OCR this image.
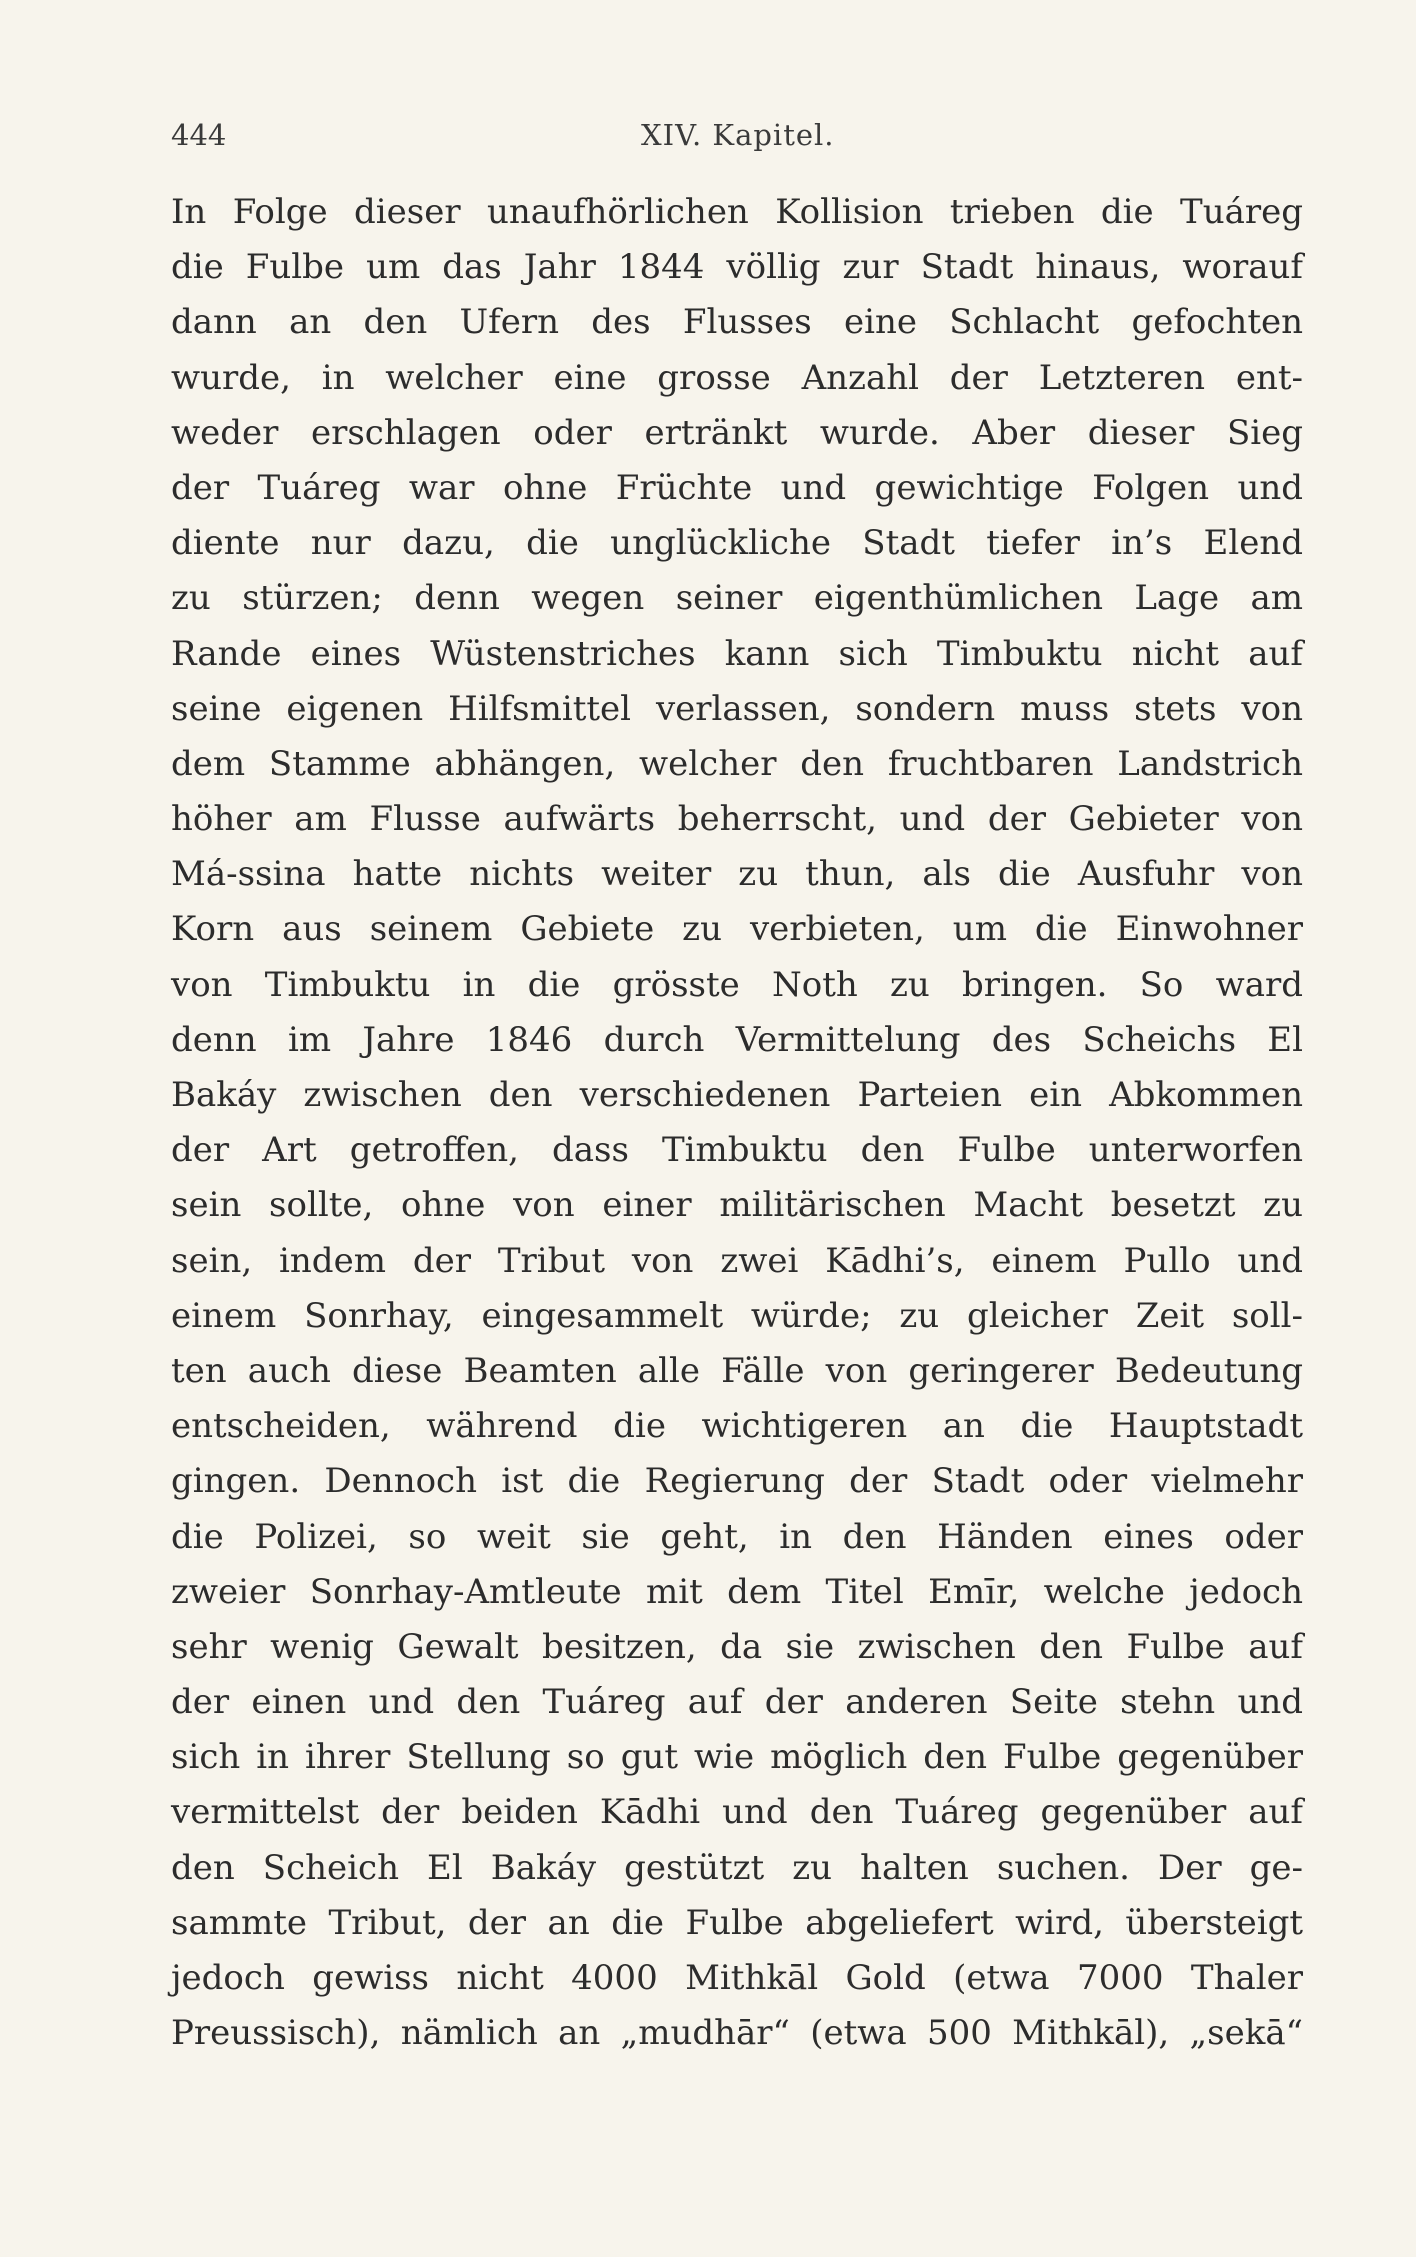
444	XIV. Kapitel.
In Folge dieser unaufhörlichen Kollision trieben die Tuáreg
die Fulbe um das Jahr 1844 völlig zur Stadt hinaus, worauf
dann an den Ufern des Flusses eine Schlacht gefochten
wurde, in welcher eine grosse Anzahl der Letzteren ent-
weder erschlagen oder ertränkt wurde. Aber dieser Sieg
der Tuáreg war ohne Früchte und gewichtige Folgen und
diente nur dazu, die unglückliche Stadt tiefer in’s Elend
zu stürzen; denn wegen seiner eigenthümlichen Lage am
Rande eines Wüstenstriches kann sich Timbuktu nicht auf
seine eigenen Hilfsmittel verlassen, sondern muss stets von
dem Stamme abhängen, welcher den fruchtbaren Landstrich
höher am Flusse aufwärts beherrscht, und der Gebieter von
Má-ssina hatte nichts weiter zu thun, als die Ausfuhr von
Korn aus seinem Gebiete zu verbieten, um die Einwohner
von Timbuktu in die grösste Noth zu bringen. So ward
denn im Jahre 1846 durch Vermittelung des Scheichs El
Bakáy zwischen den verschiedenen Parteien ein Abkommen
der Art getroffen, dass Timbuktu den Fulbe unterworfen
sein sollte, ohne von einer militärischen Macht besetzt zu
sein, indem der Tribut von zwei Kādhi’s, einem Pullo und
einem Sonrhay, eingesammelt würde; zu gleicher Zeit soll-
ten auch diese Beamten alle Fälle von geringerer Bedeutung
entscheiden, während die wichtigeren an die Hauptstadt
gingen. Dennoch ist die Regierung der Stadt oder vielmehr
die Polizei, so weit sie geht, in den Händen eines oder
zweier Sonrhay-Amtleute mit dem Titel Emīr, welche jedoch
sehr wenig Gewalt besitzen, da sie zwischen den Fulbe auf
der einen und den Tuáreg auf der anderen Seite stehn und
sich in ihrer Stellung so gut wie möglich den Fulbe gegenüber
vermittelst der beiden Kādhi und den Tuáreg gegenüber auf
den Scheich El Bakáy gestützt zu halten suchen. Der ge-
sammte Tribut, der an die Fulbe abgeliefert wird, übersteigt
jedoch gewiss nicht 4000 Mithkāl Gold (etwa 7000 Thaler
Preussisch), nämlich an „mudhār“ (etwa 500 Mithkāl), „sekā“
